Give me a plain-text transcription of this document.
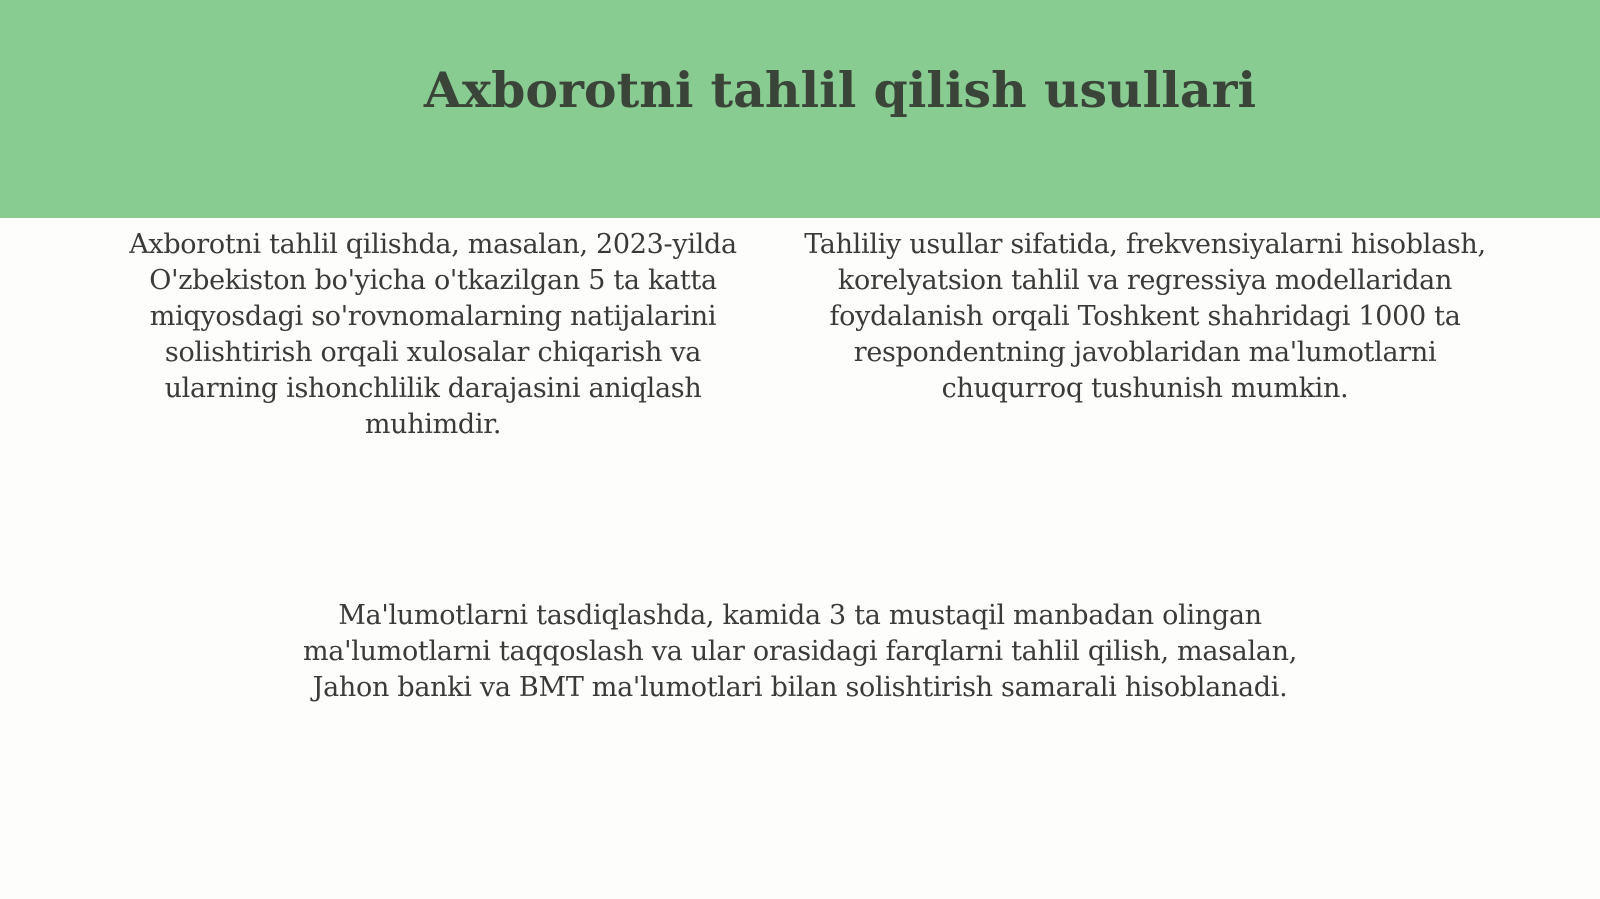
Axborotni tahlil qilish usullari

Axborotni tahlil qilishda, masalan, 2023-yilda O'zbekiston bo'yicha o'tkazilgan 5 ta katta miqyosdagi so'rovnomalarning natijalarini solishtirish orqali xulosalar chiqarish va ularning ishonchlilik darajasini aniqlash muhimdir.

Tahliliy usullar sifatida, frekvensiyalarni hisoblash, korelyatsion tahlil va regressiya modellaridan foydalanish orqali Toshkent shahridagi 1000 ta respondentning javoblaridan ma'lumotlarni chuqurroq tushunish mumkin.

Ma'lumotlarni tasdiqlashda, kamida 3 ta mustaqil manbadan olingan ma'lumotlarni taqqoslash va ular orasidagi farqlarni tahlil qilish, masalan, Jahon banki va BMT ma'lumotlari bilan solishtirish samarali hisoblanadi.
